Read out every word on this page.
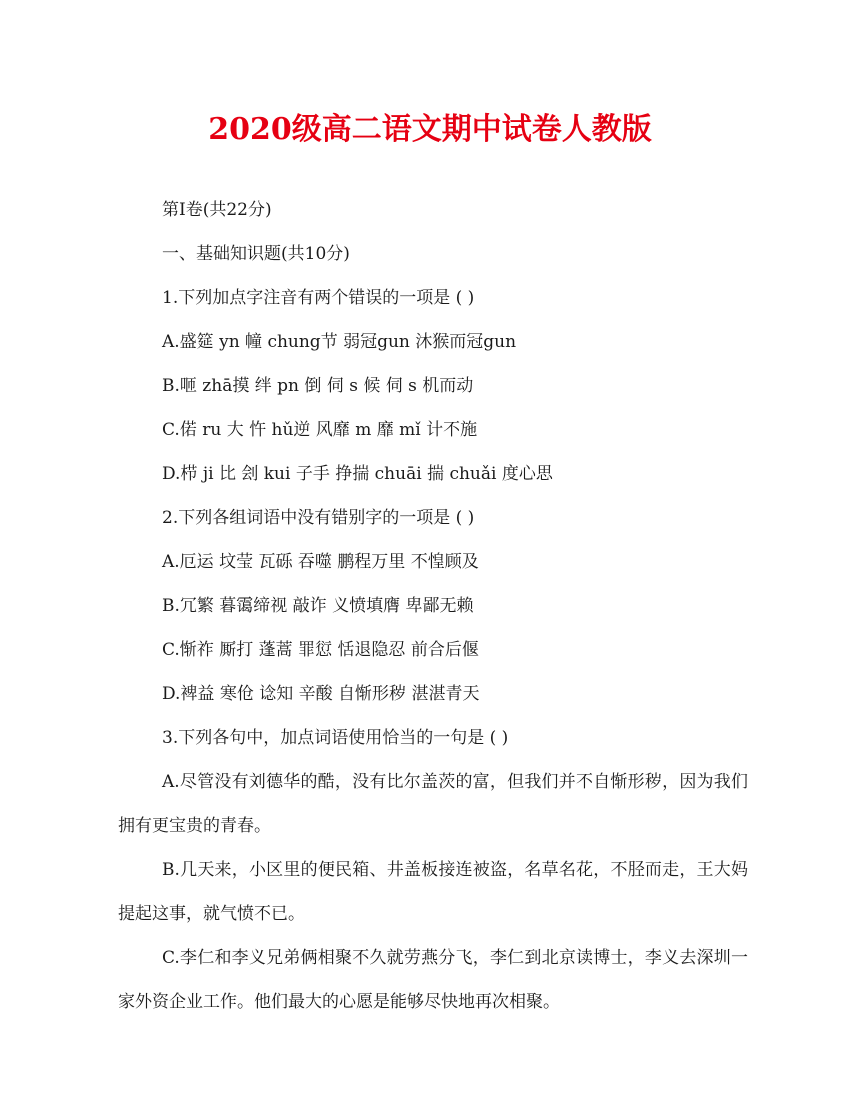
2020级高二语文期中试卷人教版
第Ⅰ卷(共22分)
一、基础知识题(共10分)
1.下列加点字注音有两个错误的一项是 ( )
A.盛筵 yn 幢 chung节 弱冠gun 沐猴而冠gun
B.咂 zhā摸 绊 pn 倒 伺 s 候 伺 s 机而动
C.偌 ru 大 忤 hǔ逆 风靡 m 靡 mǐ 计不施
D.栉 ji 比 刽 kui 子手 挣揣 chuāi 揣 chuǎi 度心思
2.下列各组词语中没有错别字的一项是 ( )
A.厄运 坟莹 瓦砾 吞噬 鹏程万里 不惶顾及
B.冗繁 暮霭缔视 敲诈 义愤填膺 卑鄙无赖
C.惭祚 厮打 蓬蒿 罪愆 恬退隐忍 前合后偃
D.裨益 寒伧 谂知 辛酸 自惭形秽 湛湛青天
3.下列各句中，加点词语使用恰当的一句是 ( )
A.尽管没有刘德华的酷，没有比尔盖茨的富，但我们并不自惭形秽，因为我们拥有更宝贵的青春。
B.几天来，小区里的便民箱、井盖板接连被盗，名草名花，不胫而走，王大妈提起这事，就气愤不已。
C.李仁和李义兄弟俩相聚不久就劳燕分飞，李仁到北京读博士，李义去深圳一家外资企业工作。他们最大的心愿是能够尽快地再次相聚。
